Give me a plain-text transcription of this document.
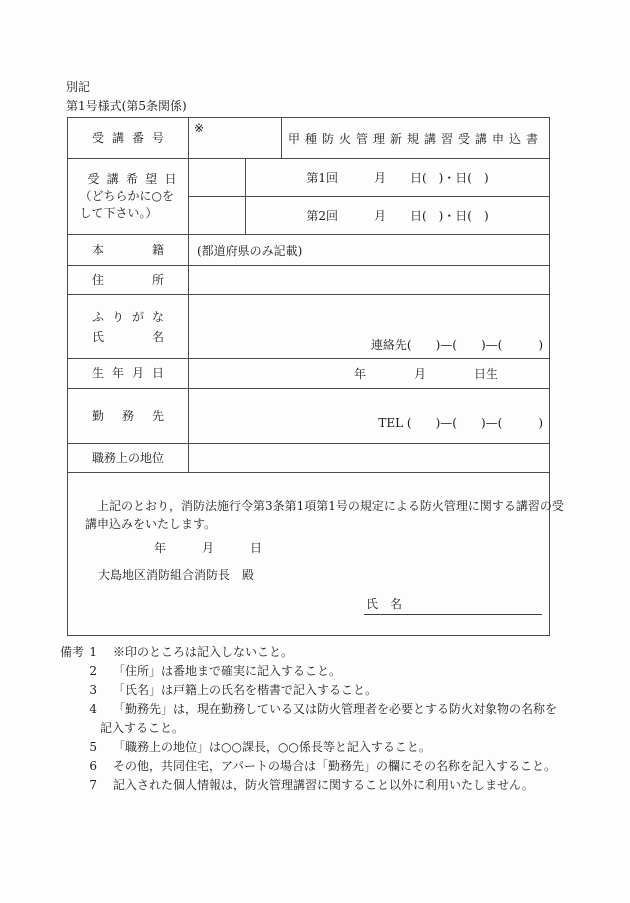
別記
第1号様式(第5条関係)
受講番号
※
甲種防火管理新規講習受講申込書
受講希望日
（どちらかに○を
して下さい。）
第1回　　　月　　日(　)・日(　)
第2回　　　月　　日(　)・日(　)
本籍	(都道府県のみ記載)
住所
ふりがな
氏名
連絡先(　　)—(　　)—(　　　)
生年月日	年　　　　月　　　　日生
勤務先
TEL (　　)—(　　)—(　　　)
職務上の地位
　上記のとおり，消防法施行令第3条第1項第1号の規定による防火管理に関する講習の受
講申込みをいたします。
年　　　月　　　日
大島地区消防組合消防長　殿
氏　名
備考 1 ※印のところは記入しないこと。
2 「住所」は番地まで確実に記入すること。
3 「氏名」は戸籍上の氏名を楷書で記入すること。
4 「勤務先」は，現在勤務している又は防火管理者を必要とする防火対象物の名称を
記入すること。
5 「職務上の地位」は○○課長，○○係長等と記入すること。
6 その他，共同住宅，アパートの場合は「勤務先」の欄にその名称を記入すること。
7 記入された個人情報は，防火管理講習に関すること以外に利用いたしません。
